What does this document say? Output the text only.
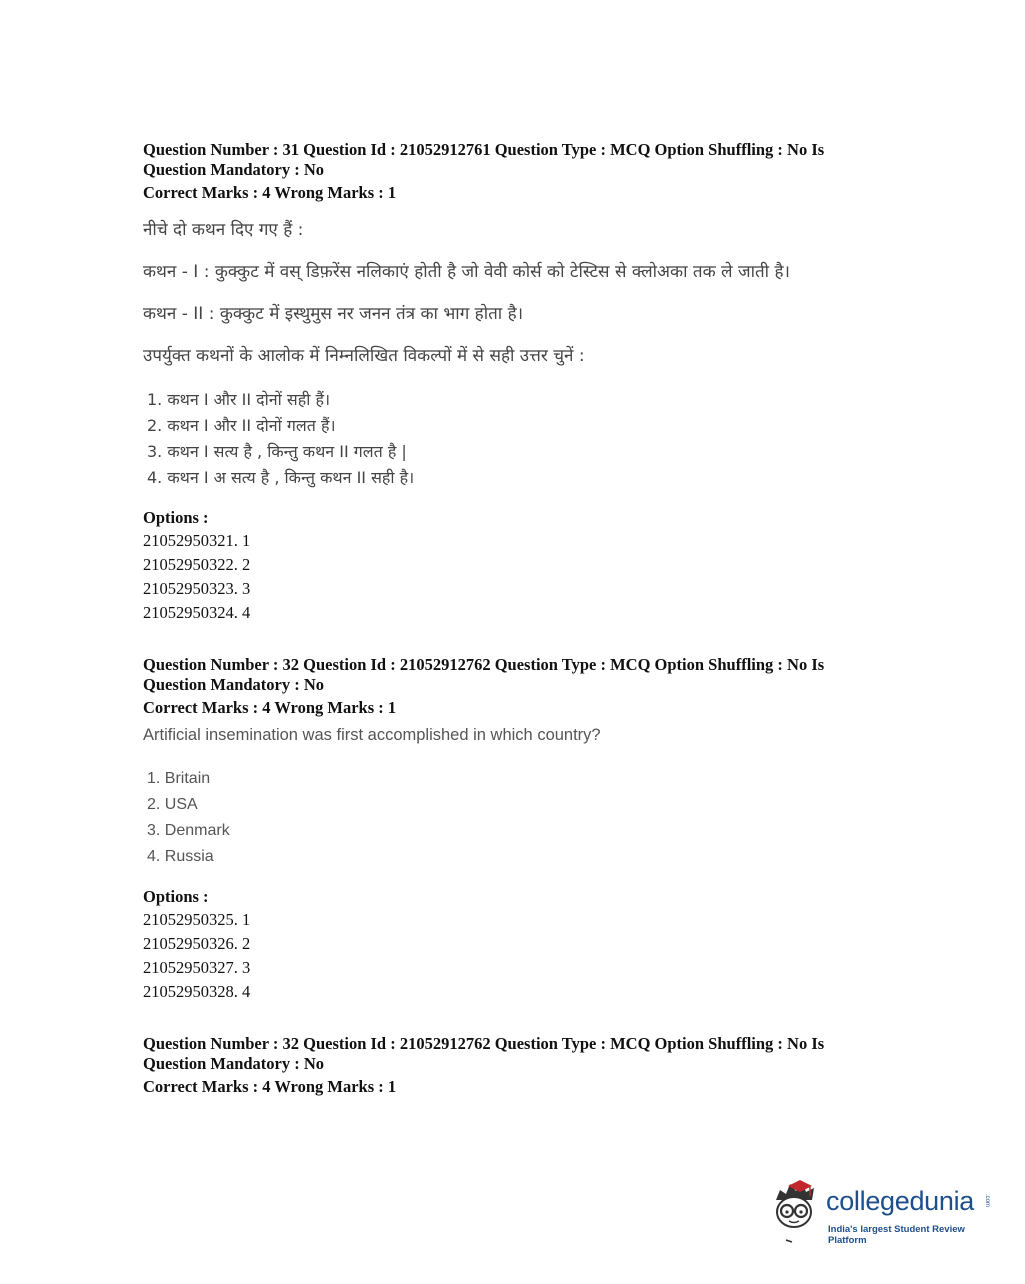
Question Number : 31 Question Id : 21052912761 Question Type : MCQ Option Shuffling : No Is
Question Mandatory : No
Correct Marks : 4 Wrong Marks : 1

नीचे दो कथन दिए गए हैं :

कथन - I : कुक्कुट में वस् डिफ़रेंस नलिकाएं होती है जो वेवी कोर्स को टेस्टिस से क्लोअका तक ले जाती है।

कथन - II : कुक्कुट में इस्थुमुस नर जनन तंत्र का भाग होता है।

उपर्युक्त कथनों के आलोक में निम्नलिखित विकल्पों में से सही उत्तर चुनें :

1. कथन I और II दोनों सही हैं।
2. कथन I और II दोनों गलत हैं।
3. कथन I सत्य है , किन्तु कथन II गलत है |
4. कथन I अ सत्य है , किन्तु कथन II सही है।
Options :
21052950321. 1
21052950322. 2
21052950323. 3
21052950324. 4
Question Number : 32 Question Id : 21052912762 Question Type : MCQ Option Shuffling : No Is
Question Mandatory : No
Correct Marks : 4 Wrong Marks : 1
Artificial insemination was first accomplished in which country?
1. Britain
2. USA
3. Denmark
4. Russia
Options :
21052950325. 1
21052950326. 2
21052950327. 3
21052950328. 4
Question Number : 32 Question Id : 21052912762 Question Type : MCQ Option Shuffling : No Is
Question Mandatory : No
Correct Marks : 4 Wrong Marks : 1
collegedunia .com
India's largest Student Review Platform
